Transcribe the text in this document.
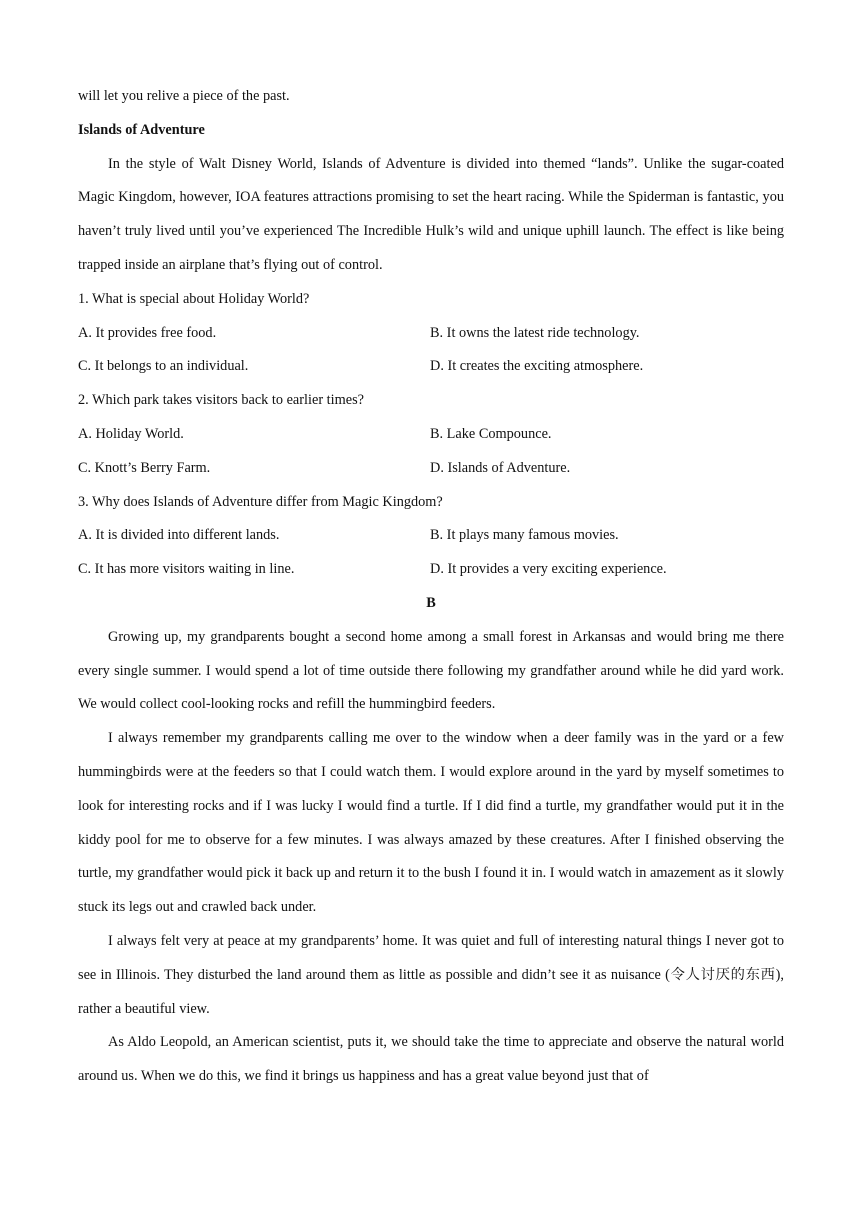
will let you relive a piece of the past.

Islands of Adventure

In the style of Walt Disney World, Islands of Adventure is divided into themed “lands”. Unlike the sugar-coated Magic Kingdom, however, IOA features attractions promising to set the heart racing. While the Spiderman is fantastic, you haven’t truly lived until you’ve experienced The Incredible Hulk’s wild and unique uphill launch. The effect is like being trapped inside an airplane that’s flying out of control.

1. What is special about Holiday World?

A. It provides free food.	B. It owns the latest ride technology.

C. It belongs to an individual.	D. It creates the exciting atmosphere.

2. Which park takes visitors back to earlier times?

A. Holiday World.	B. Lake Compounce.

C. Knott’s Berry Farm.	D. Islands of Adventure.

3. Why does Islands of Adventure differ from Magic Kingdom?

A. It is divided into different lands.	B. It plays many famous movies.

C. It has more visitors waiting in line.	D. It provides a very exciting experience.

B

Growing up, my grandparents bought a second home among a small forest in Arkansas and would bring me there every single summer. I would spend a lot of time outside there following my grandfather around while he did yard work. We would collect cool-looking rocks and refill the hummingbird feeders.

I always remember my grandparents calling me over to the window when a deer family was in the yard or a few hummingbirds were at the feeders so that I could watch them. I would explore around in the yard by myself sometimes to look for interesting rocks and if I was lucky I would find a turtle. If I did find a turtle, my grandfather would put it in the kiddy pool for me to observe for a few minutes. I was always amazed by these creatures. After I finished observing the turtle, my grandfather would pick it back up and return it to the bush I found it in. I would watch in amazement as it slowly stuck its legs out and crawled back under.

I always felt very at peace at my grandparents’ home. It was quiet and full of interesting natural things I never got to see in Illinois. They disturbed the land around them as little as possible and didn’t see it as nuisance (令人讨厌的东西), rather a beautiful view.

As Aldo Leopold, an American scientist, puts it, we should take the time to appreciate and observe the natural world around us. When we do this, we find it brings us happiness and has a great value beyond just that of
